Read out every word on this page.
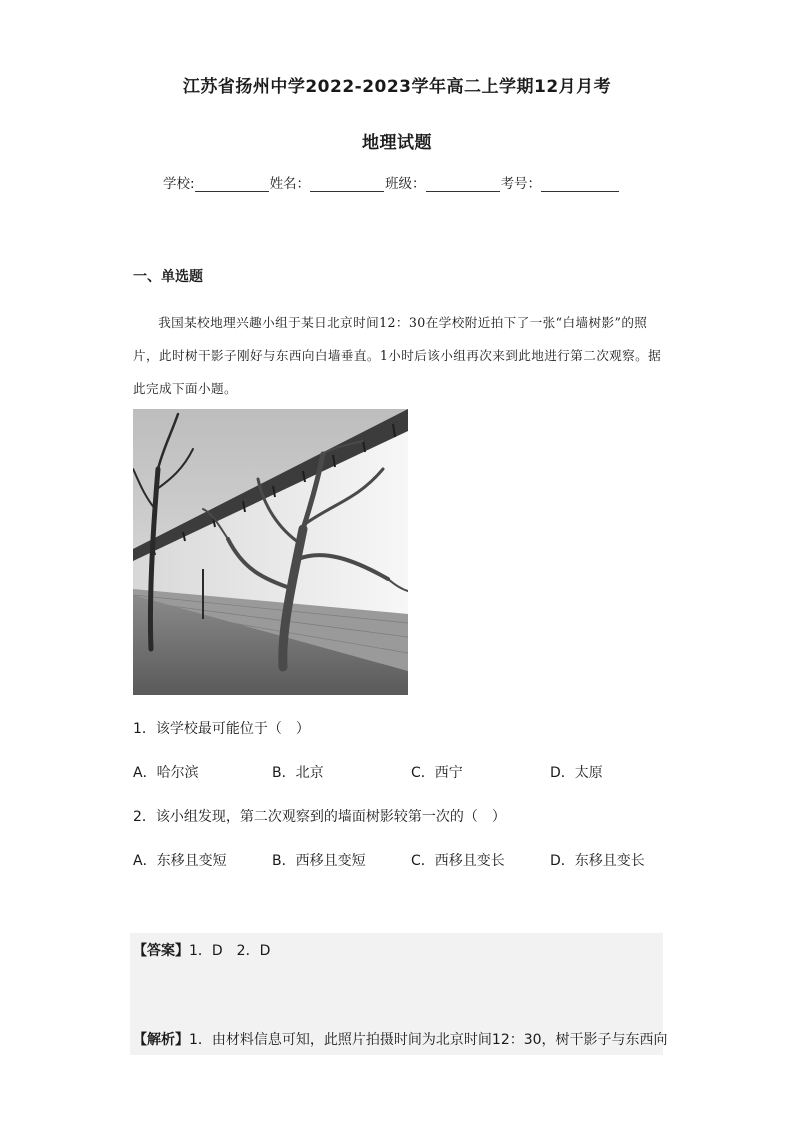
江苏省扬州中学2022-2023学年高二上学期12月月考
地理试题
学校:	姓名：	班级：	考号：
一、单选题
我国某校地理兴趣小组于某日北京时间12：30在学校附近拍下了一张“白墙树影”的照片，此时树干影子刚好与东西向白墙垂直。1小时后该小组再次来到此地进行第二次观察。据此完成下面小题。
1．该学校最可能位于（　）
A．哈尔滨	B．北京	C．西宁	D．太原
2．该小组发现，第二次观察到的墙面树影较第一次的（　）
A．东移且变短	B．西移且变短	C．西移且变长	D．东移且变长
【答案】1．D　2．D
【解析】1．由材料信息可知，此照片拍摄时间为北京时间12：30，树干影子与东西向
